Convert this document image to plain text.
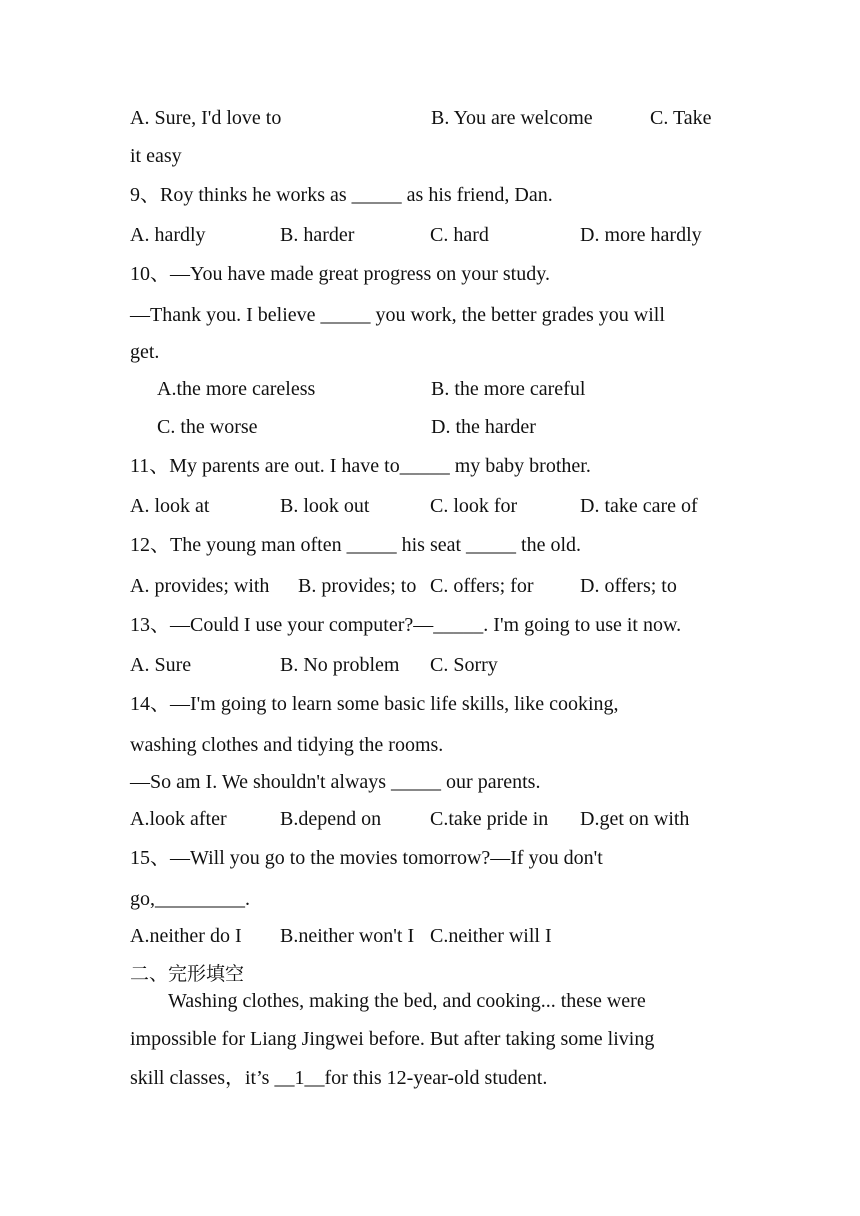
A. Sure, I'd love to	B. You are welcome	C. Take
it easy
9、Roy thinks he works as _____ as his friend, Dan.
A. hardly	B. harder	C. hard	D. more hardly
10、—You have made great progress on your study.
—Thank you. I believe _____ you work, the better grades you will
get.
A.the more careless	B. the more careful
C. the worse	D. the harder
11、My parents are out. I have to_____ my baby brother.
A. look at	B. look out	C. look for	D. take care of
12、The young man often _____ his seat _____ the old.
A. provides; with B. provides; to C. offers; for D. offers; to
13、—Could I use your computer?—_____. I'm going to use it now.
A. Sure	B. No problem C. Sorry
14、—I'm going to learn some basic life skills, like cooking,
washing clothes and tidying the rooms.
—So am I. We shouldn't always _____ our parents.
A.look after	B.depend on C.take pride in D.get on with
15、—Will you go to the movies tomorrow?—If you don't
go,_________.
A.neither do I B.neither won't I C.neither will I
二、完形填空
Washing clothes, making the bed, and cooking... these were
impossible for Liang Jingwei before. But after taking some living
skill classes，it’s __1__for this 12-year-old student.
